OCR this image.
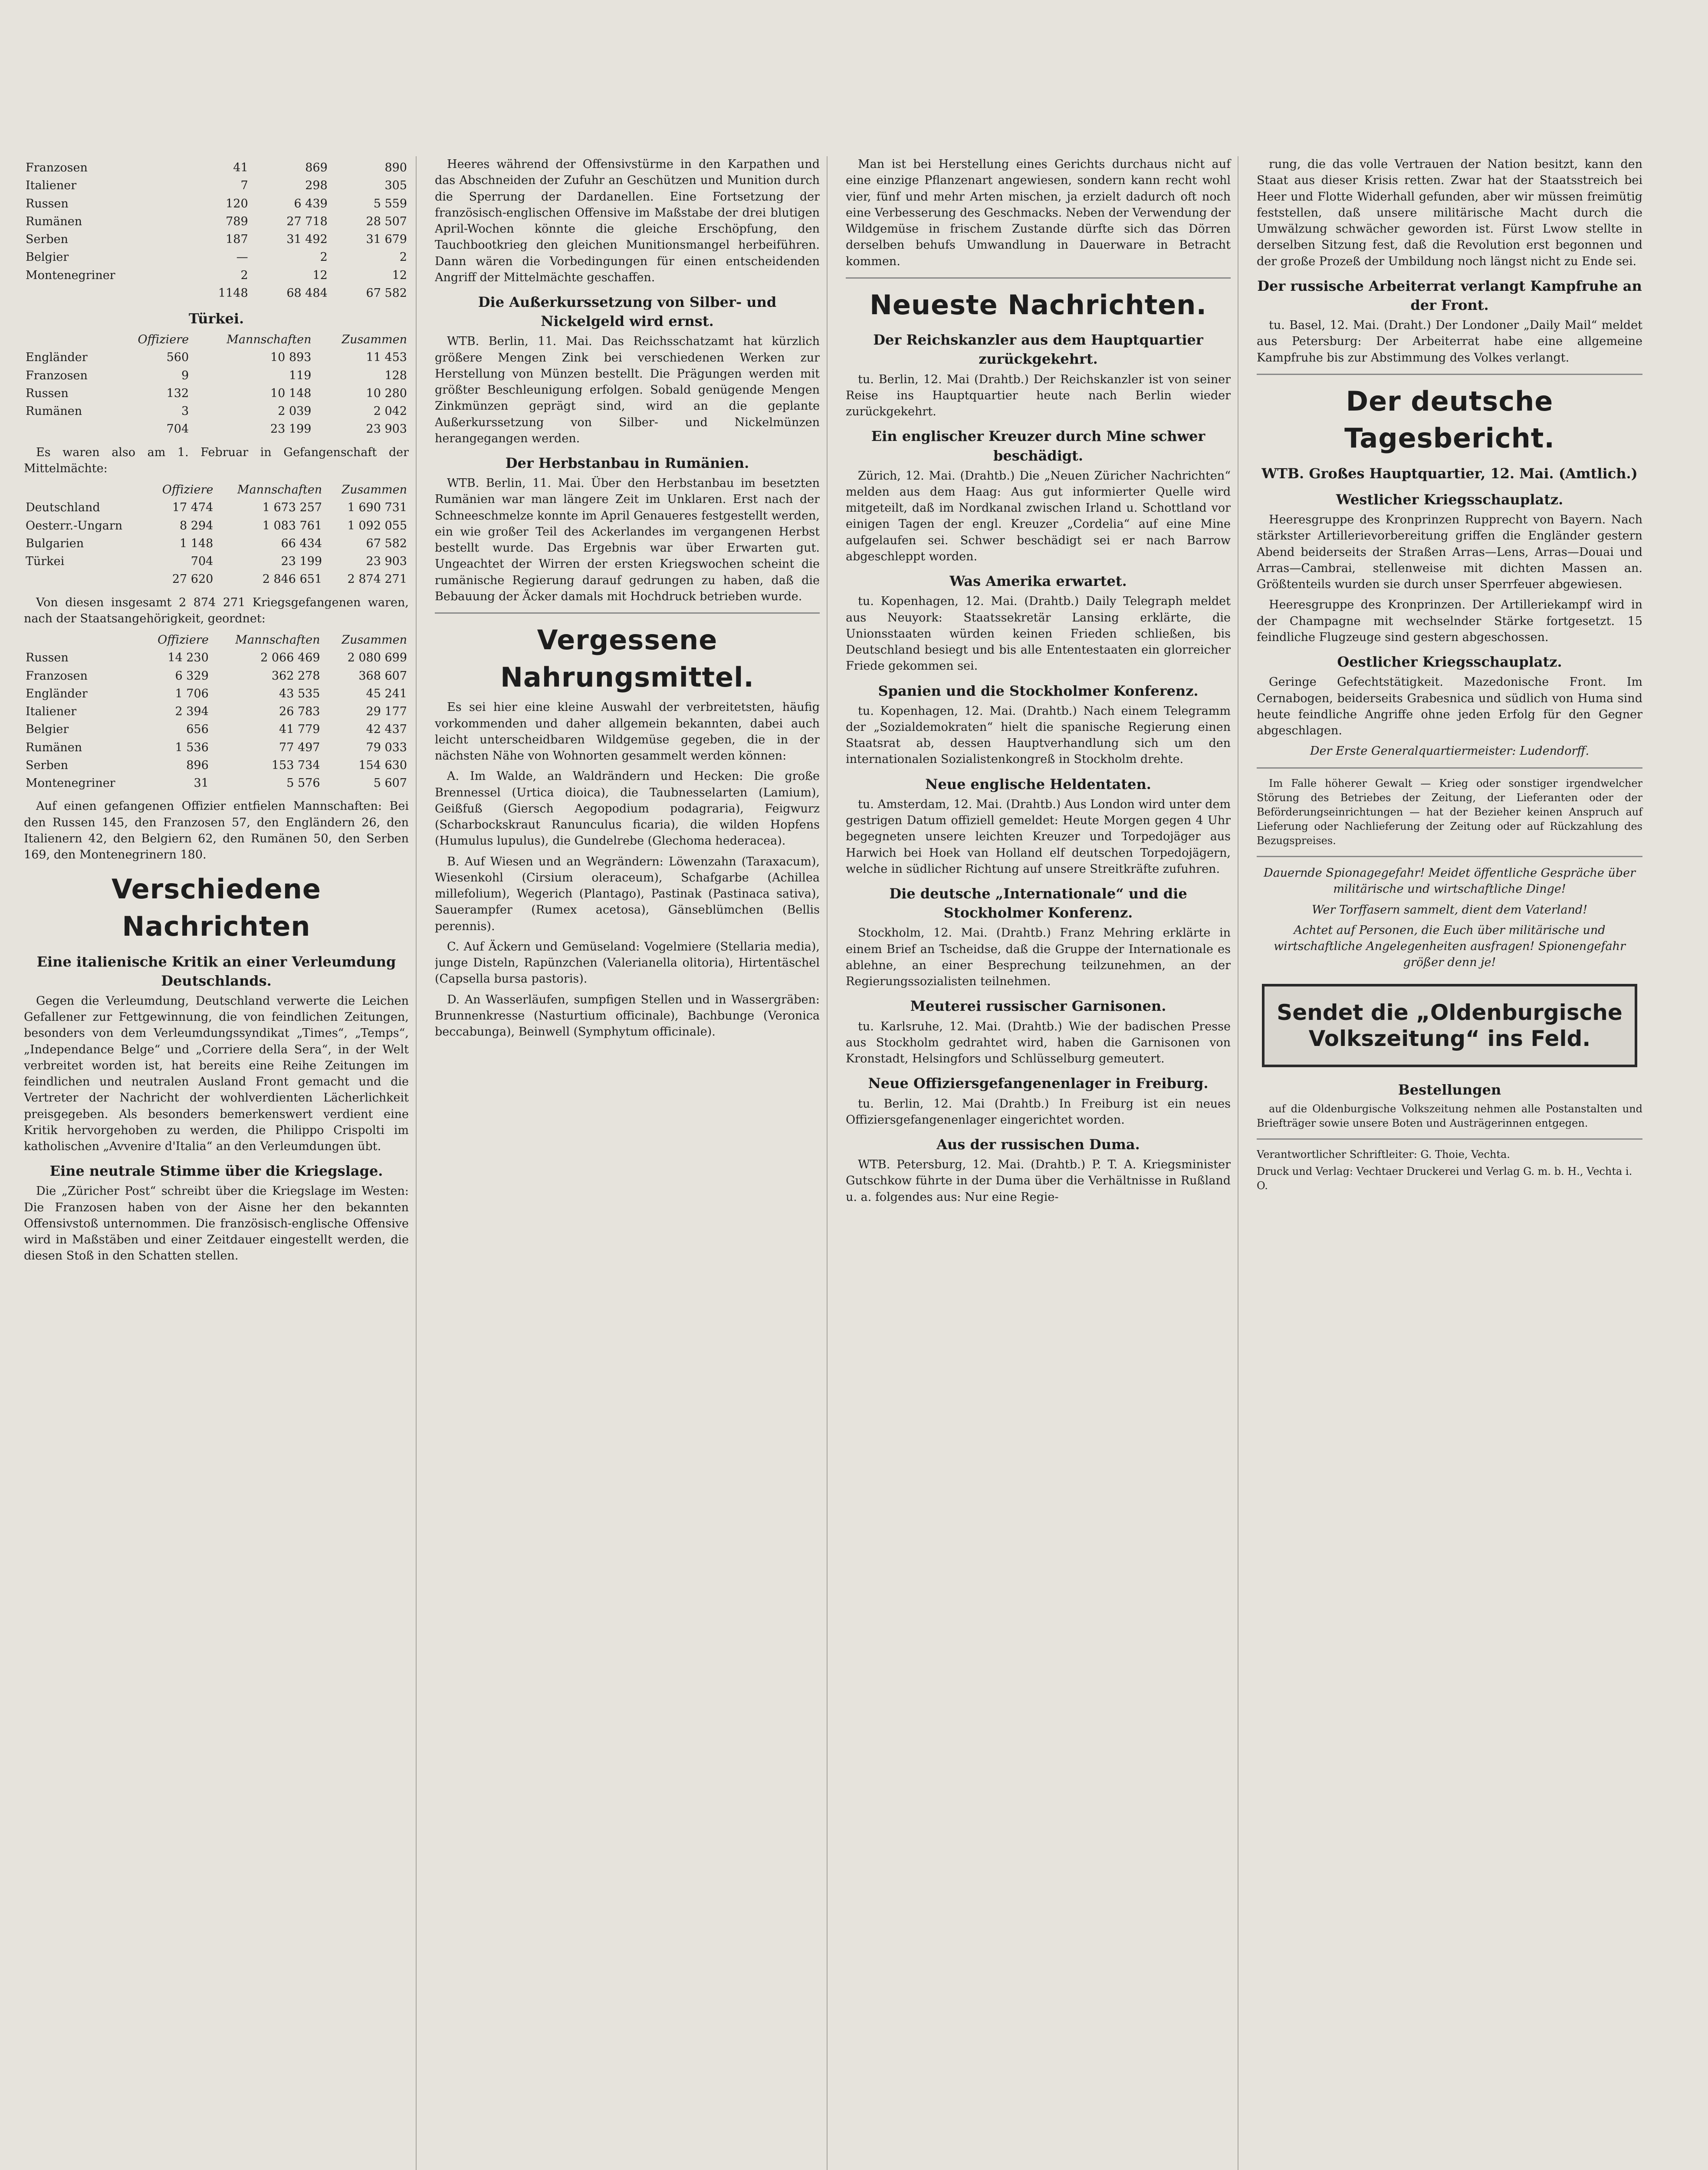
Franzosen	41	869	890
Italiener	7	298	305
Russen	120	6 439	5 559
Rumänen	789	27 718	28 507
Serben	187	31 492	31 679
Belgier	—	2	2
Montenegriner	2	12	12
	1148	68 484	67 582
Türkei.
	Offiziere	Mannschaften	Zusammen
Engländer	560	10 893	11 453
Franzosen	9	119	128
Russen	132	10 148	10 280
Rumänen	3	2 039	2 042
	704	23 199	23 903

Es waren also am 1. Februar in Gefangenschaft der Mittelmächte:

	Offiziere	Mannschaften	Zusammen
Deutschland	17 474	1 673 257	1 690 731
Oesterr.-Ungarn	8 294	1 083 761	1 092 055
Bulgarien	1 148	66 434	67 582
Türkei	704	23 199	23 903
	27 620	2 846 651	2 874 271

Von diesen insgesamt 2 874 271 Kriegsgefangenen waren, nach der Staatsangehörigkeit, geordnet:

	Offiziere	Mannschaften	Zusammen
Russen	14 230	2 066 469	2 080 699
Franzosen	6 329	362 278	368 607
Engländer	1 706	43 535	45 241
Italiener	2 394	26 783	29 177
Belgier	656	41 779	42 437
Rumänen	1 536	77 497	79 033
Serben	896	153 734	154 630
Montenegriner	31	5 576	5 607

Auf einen gefangenen Offizier entfielen Mannschaften: Bei den Russen 145, den Franzosen 57, den Engländern 26, den Italienern 42, den Belgiern 62, den Rumänen 50, den Serben 169, den Montenegrinern 180.

Verschiedene Nachrichten
Eine italienische Kritik an einer Verleumdung Deutschlands.

Gegen die Verleumdung, Deutschland verwerte die Leichen Gefallener zur Fettgewinnung, die von feindlichen Zeitungen, besonders von dem Verleumdungssyndikat „Times“, „Temps“, „Independance Belge“ und „Corriere della Sera“, in der Welt verbreitet worden ist, hat bereits eine Reihe Zeitungen im feindlichen und neutralen Ausland Front gemacht und die Vertreter der Nachricht der wohlverdienten Lächerlichkeit preisgegeben. Als besonders bemerkenswert verdient eine Kritik hervorgehoben zu werden, die Philippo Crispolti im katholischen „Avvenire d'Italia“ an den Verleumdungen übt.

Eine neutrale Stimme über die Kriegslage.

Die „Züricher Post“ schreibt über die Kriegslage im Westen: Die Franzosen haben von der Aisne her den bekannten Offensivstoß unternommen. Die französisch-englische Offensive wird in Maßstäben und einer Zeitdauer eingestellt werden, die diesen Stoß in den Schatten stellen.

Heeres während der Offensivstürme in den Karpathen und das Abschneiden der Zufuhr an Geschützen und Munition durch die Sperrung der Dardanellen. Eine Fortsetzung der französisch-englischen Offensive im Maßstabe der drei blutigen April-Wochen könnte die gleiche Erschöpfung, den Tauchbootkrieg den gleichen Munitionsmangel herbeiführen. Dann wären die Vorbedingungen für einen entscheidenden Angriff der Mittelmächte geschaffen.

Die Außerkurssetzung von Silber- und Nickelgeld wird ernst.

WTB. Berlin, 11. Mai. Das Reichsschatzamt hat kürzlich größere Mengen Zink bei verschiedenen Werken zur Herstellung von Münzen bestellt. Die Prägungen werden mit größter Beschleunigung erfolgen. Sobald genügende Mengen Zinkmünzen geprägt sind, wird an die geplante Außerkurssetzung von Silber- und Nickelmünzen herangegangen werden.

Der Herbstanbau in Rumänien.

WTB. Berlin, 11. Mai. Über den Herbstanbau im besetzten Rumänien war man längere Zeit im Unklaren. Erst nach der Schneeschmelze konnte im April Genaueres festgestellt werden, ein wie großer Teil des Ackerlandes im vergangenen Herbst bestellt wurde. Das Ergebnis war über Erwarten gut. Ungeachtet der Wirren der ersten Kriegswochen scheint die rumänische Regierung darauf gedrungen zu haben, daß die Bebauung der Äcker damals mit Hochdruck betrieben wurde.

Vergessene Nahrungsmittel.

Es sei hier eine kleine Auswahl der verbreitetsten, häufig vorkommenden und daher allgemein bekannten, dabei auch leicht unterscheidbaren Wildgemüse gegeben, die in der nächsten Nähe von Wohnorten gesammelt werden können:

A. Im Walde, an Waldrändern und Hecken: Die große Brennessel (Urtica dioica), die Taubnesselarten (Lamium), Geißfuß (Giersch Aegopodium podagraria), Feigwurz (Scharbockskraut Ranunculus ficaria), die wilden Hopfens (Humulus lupulus), die Gundelrebe (Glechoma hederacea).

B. Auf Wiesen und an Wegrändern: Löwenzahn (Taraxacum), Wiesenkohl (Cirsium oleraceum), Schafgarbe (Achillea millefolium), Wegerich (Plantago), Pastinak (Pastinaca sativa), Sauerampfer (Rumex acetosa), Gänseblümchen (Bellis perennis).

C. Auf Äckern und Gemüseland: Vogelmiere (Stellaria media), junge Disteln, Rapünzchen (Valerianella olitoria), Hirtentäschel (Capsella bursa pastoris).

D. An Wasserläufen, sumpfigen Stellen und in Wassergräben: Brunnenkresse (Nasturtium officinale), Bachbunge (Veronica beccabunga), Beinwell (Symphytum officinale).

Man ist bei Herstellung eines Gerichts durchaus nicht auf eine einzige Pflanzenart angewiesen, sondern kann recht wohl vier, fünf und mehr Arten mischen, ja erzielt dadurch oft noch eine Verbesserung des Geschmacks. Neben der Verwendung der Wildgemüse in frischem Zustande dürfte sich das Dörren derselben behufs Umwandlung in Dauerware in Betracht kommen.

Neueste Nachrichten.
Der Reichskanzler aus dem Hauptquartier zurückgekehrt.

tu. Berlin, 12. Mai (Drahtb.) Der Reichskanzler ist von seiner Reise ins Hauptquartier heute nach Berlin wieder zurückgekehrt.

Ein englischer Kreuzer durch Mine schwer beschädigt.

Zürich, 12. Mai. (Drahtb.) Die „Neuen Züricher Nachrichten“ melden aus dem Haag: Aus gut informierter Quelle wird mitgeteilt, daß im Nordkanal zwischen Irland u. Schottland vor einigen Tagen der engl. Kreuzer „Cordelia“ auf eine Mine aufgelaufen sei. Schwer beschädigt sei er nach Barrow abgeschleppt worden.

Was Amerika erwartet.

tu. Kopenhagen, 12. Mai. (Drahtb.) Daily Telegraph meldet aus Neuyork: Staatssekretär Lansing erklärte, die Unionsstaaten würden keinen Frieden schließen, bis Deutschland besiegt und bis alle Ententestaaten ein glorreicher Friede gekommen sei.

Spanien und die Stockholmer Konferenz.

tu. Kopenhagen, 12. Mai. (Drahtb.) Nach einem Telegramm der „Sozialdemokraten“ hielt die spanische Regierung einen Staatsrat ab, dessen Hauptverhandlung sich um den internationalen Sozialistenkongreß in Stockholm drehte.

Neue englische Heldentaten.

tu. Amsterdam, 12. Mai. (Drahtb.) Aus London wird unter dem gestrigen Datum offiziell gemeldet: Heute Morgen gegen 4 Uhr begegneten unsere leichten Kreuzer und Torpedojäger aus Harwich bei Hoek van Holland elf deutschen Torpedojägern, welche in südlicher Richtung auf unsere Streitkräfte zufuhren.

Die deutsche „Internationale“ und die Stockholmer Konferenz.

Stockholm, 12. Mai. (Drahtb.) Franz Mehring erklärte in einem Brief an Tscheidse, daß die Gruppe der Internationale es ablehne, an einer Besprechung teilzunehmen, an der Regierungssozialisten teilnehmen.

Meuterei russischer Garnisonen.

tu. Karlsruhe, 12. Mai. (Drahtb.) Wie der badischen Presse aus Stockholm gedrahtet wird, haben die Garnisonen von Kronstadt, Helsingfors und Schlüsselburg gemeutert.

Neue Offiziersgefangenenlager in Freiburg.

tu. Berlin, 12. Mai (Drahtb.) In Freiburg ist ein neues Offiziersgefangenenlager eingerichtet worden.

Aus der russischen Duma.

WTB. Petersburg, 12. Mai. (Drahtb.) P. T. A. Kriegsminister Gutschkow führte in der Duma über die Verhältnisse in Rußland u. a. folgendes aus: Nur eine Regie-

rung, die das volle Vertrauen der Nation besitzt, kann den Staat aus dieser Krisis retten. Zwar hat der Staatsstreich bei Heer und Flotte Widerhall gefunden, aber wir müssen freimütig feststellen, daß unsere militärische Macht durch die Umwälzung schwächer geworden ist. Fürst Lwow stellte in derselben Sitzung fest, daß die Revolution erst begonnen und der große Prozeß der Umbildung noch längst nicht zu Ende sei.

Der russische Arbeiterrat verlangt Kampfruhe an der Front.

tu. Basel, 12. Mai. (Draht.) Der Londoner „Daily Mail“ meldet aus Petersburg: Der Arbeiterrat habe eine allgemeine Kampfruhe bis zur Abstimmung des Volkes verlangt.

Der deutsche Tagesbericht.
WTB. Großes Hauptquartier, 12. Mai. (Amtlich.)
Westlicher Kriegsschauplatz.

Heeresgruppe des Kronprinzen Rupprecht von Bayern. Nach stärkster Artillerievorbereitung griffen die Engländer gestern Abend beiderseits der Straßen Arras—Lens, Arras—Douai und Arras—Cambrai, stellenweise mit dichten Massen an. Größtenteils wurden sie durch unser Sperrfeuer abgewiesen.

Heeresgruppe des Kronprinzen. Der Artilleriekampf wird in der Champagne mit wechselnder Stärke fortgesetzt. 15 feindliche Flugzeuge sind gestern abgeschossen.

Oestlicher Kriegsschauplatz.

Geringe Gefechtstätigkeit. Mazedonische Front. Im Cernabogen, beiderseits Grabesnica und südlich von Huma sind heute feindliche Angriffe ohne jeden Erfolg für den Gegner abgeschlagen.

Der Erste Generalquartiermeister: Ludendorff.

Im Falle höherer Gewalt — Krieg oder sonstiger irgendwelcher Störung des Betriebes der Zeitung, der Lieferanten oder der Beförderungseinrichtungen — hat der Bezieher keinen Anspruch auf Lieferung oder Nachlieferung der Zeitung oder auf Rückzahlung des Bezugspreises.

Dauernde Spionagegefahr! Meidet öffentliche Gespräche über militärische und wirtschaftliche Dinge!
Wer Torffasern sammelt, dient dem Vaterland!
Achtet auf Personen, die Euch über militärische und wirtschaftliche Angelegenheiten ausfragen! Spionengefahr größer denn je!
Sendet die „Oldenburgische Volkszeitung“ ins Feld.
Bestellungen

auf die Oldenburgische Volkszeitung nehmen alle Postanstalten und Briefträger sowie unsere Boten und Austrägerinnen entgegen.

Verantwortlicher Schriftleiter: G. Thoie, Vechta.
Druck und Verlag: Vechtaer Druckerei und Verlag G. m. b. H., Vechta i. O.
